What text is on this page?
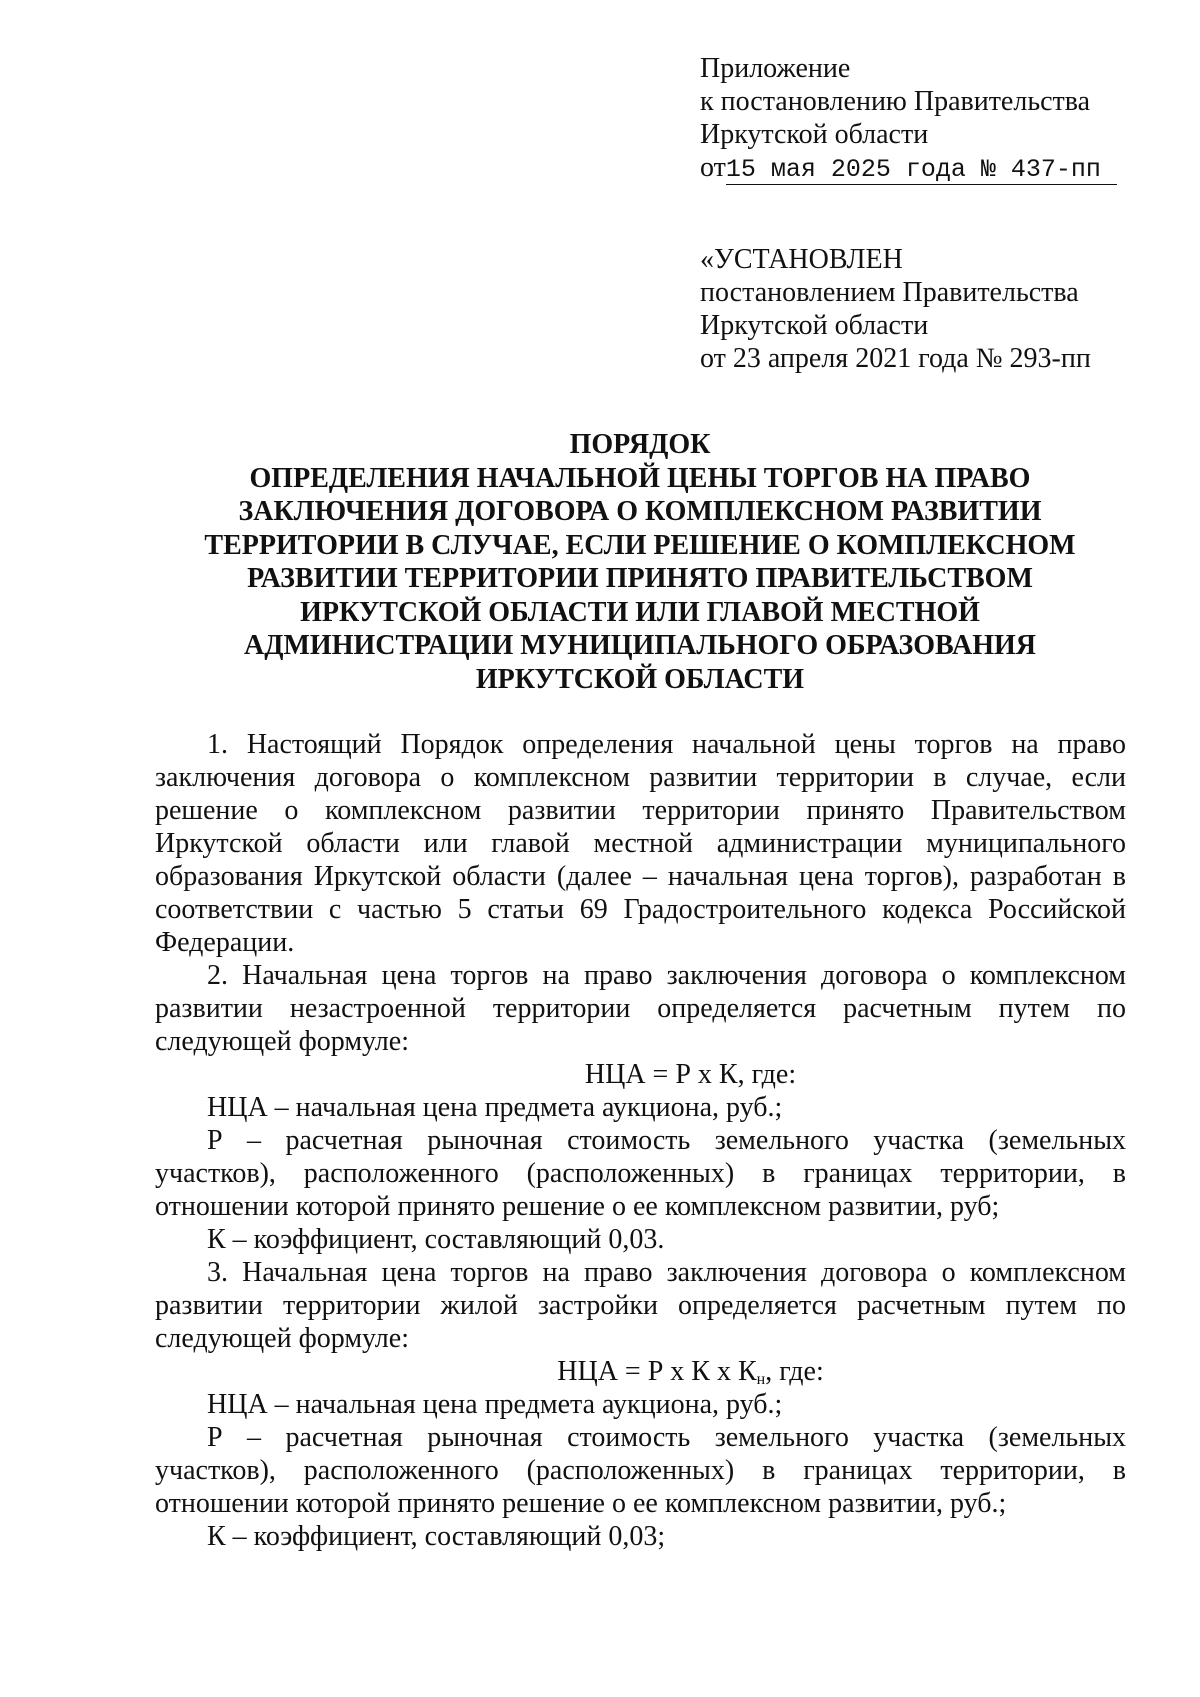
Приложение
к постановлению Правительства
Иркутской области
от15 мая 2025 года № 437-пп
«УСТАНОВЛЕН
постановлением Правительства
Иркутской области
от 23 апреля 2021 года № 293-пп
ПОРЯДОК
ОПРЕДЕЛЕНИЯ НАЧАЛЬНОЙ ЦЕНЫ ТОРГОВ НА ПРАВО
ЗАКЛЮЧЕНИЯ ДОГОВОРА О КОМПЛЕКСНОМ РАЗВИТИИ
ТЕРРИТОРИИ В СЛУЧАЕ, ЕСЛИ РЕШЕНИЕ О КОМПЛЕКСНОМ
РАЗВИТИИ ТЕРРИТОРИИ ПРИНЯТО ПРАВИТЕЛЬСТВОМ
ИРКУТСКОЙ ОБЛАСТИ ИЛИ ГЛАВОЙ МЕСТНОЙ
АДМИНИСТРАЦИИ МУНИЦИПАЛЬНОГО ОБРАЗОВАНИЯ
ИРКУТСКОЙ ОБЛАСТИ

1. Настоящий Порядок определения начальной цены торгов на право заключения договора о комплексном развитии территории в случае, если решение о комплексном развитии территории принято Правительством Иркутской области или главой местной администрации муниципального образования Иркутской области (далее – начальная цена торгов), разработан в соответствии с частью 5 статьи 69 Градостроительного кодекса Российской Федерации.

2. Начальная цена торгов на право заключения договора о комплексном развитии незастроенной территории определяется расчетным путем по следующей формуле:

НЦА = Р х К, где:

НЦА – начальная цена предмета аукциона, руб.;

Р – расчетная рыночная стоимость земельного участка (земельных участков), расположенного (расположенных) в границах территории, в отношении которой принято решение о ее комплексном развитии, руб;

К – коэффициент, составляющий 0,03.

3. Начальная цена торгов на право заключения договора о комплексном развитии территории жилой застройки определяется расчетным путем по следующей формуле:

НЦА = Р х К х $К_н$, где:

НЦА – начальная цена предмета аукциона, руб.;

Р – расчетная рыночная стоимость земельного участка (земельных участков), расположенного (расположенных) в границах территории, в отношении которой принято решение о ее комплексном развитии, руб.;

К – коэффициент, составляющий 0,03;
